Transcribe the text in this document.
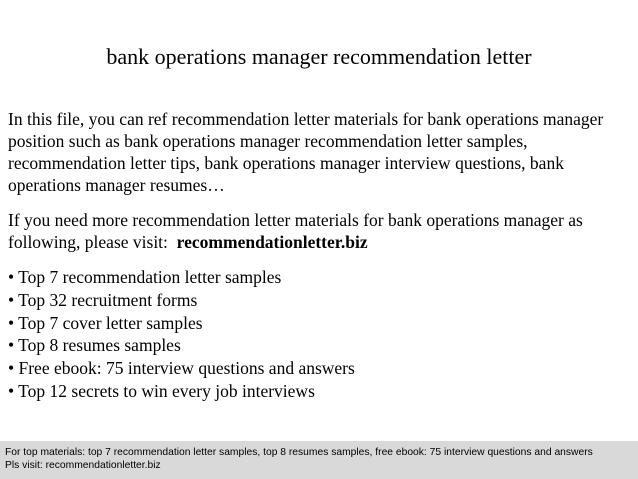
bank operations manager recommendation letter

In this file, you can ref recommendation letter materials for bank operations manager
position such as bank operations manager recommendation letter samples,
recommendation letter tips, bank operations manager interview questions, bank
operations manager resumes…

If you need more recommendation letter materials for bank operations manager as
following, please visit:  recommendationletter.biz

• Top 7 recommendation letter samples
• Top 32 recruitment forms
• Top 7 cover letter samples
• Top 8 resumes samples
• Free ebook: 75 interview questions and answers
• Top 12 secrets to win every job interviews
For top materials: top 7 recommendation letter samples, top 8 resumes samples, free ebook: 75 interview questions and answers
Pls visit: recommendationletter.biz
